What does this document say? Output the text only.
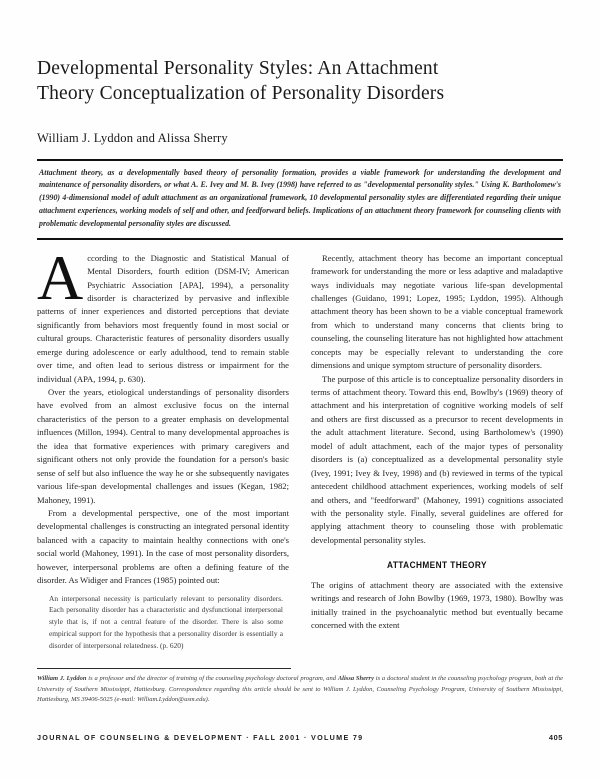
Developmental Personality Styles: An Attachment
Theory Conceptualization of Personality Disorders
William J. Lyddon and Alissa Sherry
Attachment theory, as a developmentally based theory of personality formation, provides a viable framework for understanding the development and maintenance of personality disorders, or what A. E. Ivey and M. B. Ivey (1998) have referred to as "developmental personality styles." Using K. Bartholomew's (1990) 4-dimensional model of adult attachment as an organizational framework, 10 developmental personality styles are differentiated regarding their unique attachment experiences, working models of self and other, and feedforward beliefs. Implications of an attachment theory framework for counseling clients with problematic developmental personality styles are discussed.

According to the Diagnostic and Statistical Manual of Mental Disorders, fourth edition (DSM-IV; American Psychiatric Association [APA], 1994), a personality disorder is characterized by pervasive and inflexible patterns of inner experiences and distorted perceptions that deviate significantly from behaviors most frequently found in most social or cultural groups. Characteristic features of personality disorders usually emerge during adolescence or early adulthood, tend to remain stable over time, and often lead to serious distress or impairment for the individual (APA, 1994, p. 630).

Over the years, etiological understandings of personality disorders have evolved from an almost exclusive focus on the internal characteristics of the person to a greater emphasis on developmental influences (Millon, 1994). Central to many developmental approaches is the idea that formative experiences with primary caregivers and significant others not only provide the foundation for a person's basic sense of self but also influence the way he or she subsequently navigates various life-span developmental challenges and issues (Kegan, 1982; Mahoney, 1991).

From a developmental perspective, one of the most important developmental challenges is constructing an integrated personal identity balanced with a capacity to maintain healthy connections with one's social world (Mahoney, 1991). In the case of most personality disorders, however, interpersonal problems are often a defining feature of the disorder. As Widiger and Frances (1985) pointed out:

An interpersonal necessity is particularly relevant to personality disorders. Each personality disorder has a characteristic and dysfunctional interpersonal style that is, if not a central feature of the disorder. There is also some empirical support for the hypothesis that a personality disorder is essentially a disorder of interpersonal relatedness. (p. 620)

Recently, attachment theory has become an important conceptual framework for understanding the more or less adaptive and maladaptive ways individuals may negotiate various life-span developmental challenges (Guidano, 1991; Lopez, 1995; Lyddon, 1995). Although attachment theory has been shown to be a viable conceptual framework from which to understand many concerns that clients bring to counseling, the counseling literature has not highlighted how attachment concepts may be especially relevant to understanding the core dimensions and unique symptom structure of personality disorders.

The purpose of this article is to conceptualize personality disorders in terms of attachment theory. Toward this end, Bowlby's (1969) theory of attachment and his interpretation of cognitive working models of self and others are first discussed as a precursor to recent developments in the adult attachment literature. Second, using Bartholomew's (1990) model of adult attachment, each of the major types of personality disorders is (a) conceptualized as a developmental personality style (Ivey, 1991; Ivey & Ivey, 1998) and (b) reviewed in terms of the typical antecedent childhood attachment experiences, working models of self and others, and "feedforward" (Mahoney, 1991) cognitions associated with the personality style. Finally, several guidelines are offered for applying attachment theory to counseling those with problematic developmental personality styles.

ATTACHMENT THEORY

The origins of attachment theory are associated with the extensive writings and research of John Bowlby (1969, 1973, 1980). Bowlby was initially trained in the psychoanalytic method but eventually became concerned with the extent

William J. Lyddon is a professor and the director of training of the counseling psychology doctoral program, and Alissa Sherry is a doctoral student in the counseling psychology program, both at the University of Southern Mississippi, Hattiesburg. Correspondence regarding this article should be sent to William J. Lyddon, Counseling Psychology Program, University of Southern Mississippi, Hattiesburg, MS 39406-5025 (e-mail: William.Lyddon@usm.edu).
JOURNAL OF COUNSELING & DEVELOPMENT · FALL 2001 · VOLUME 79	405
